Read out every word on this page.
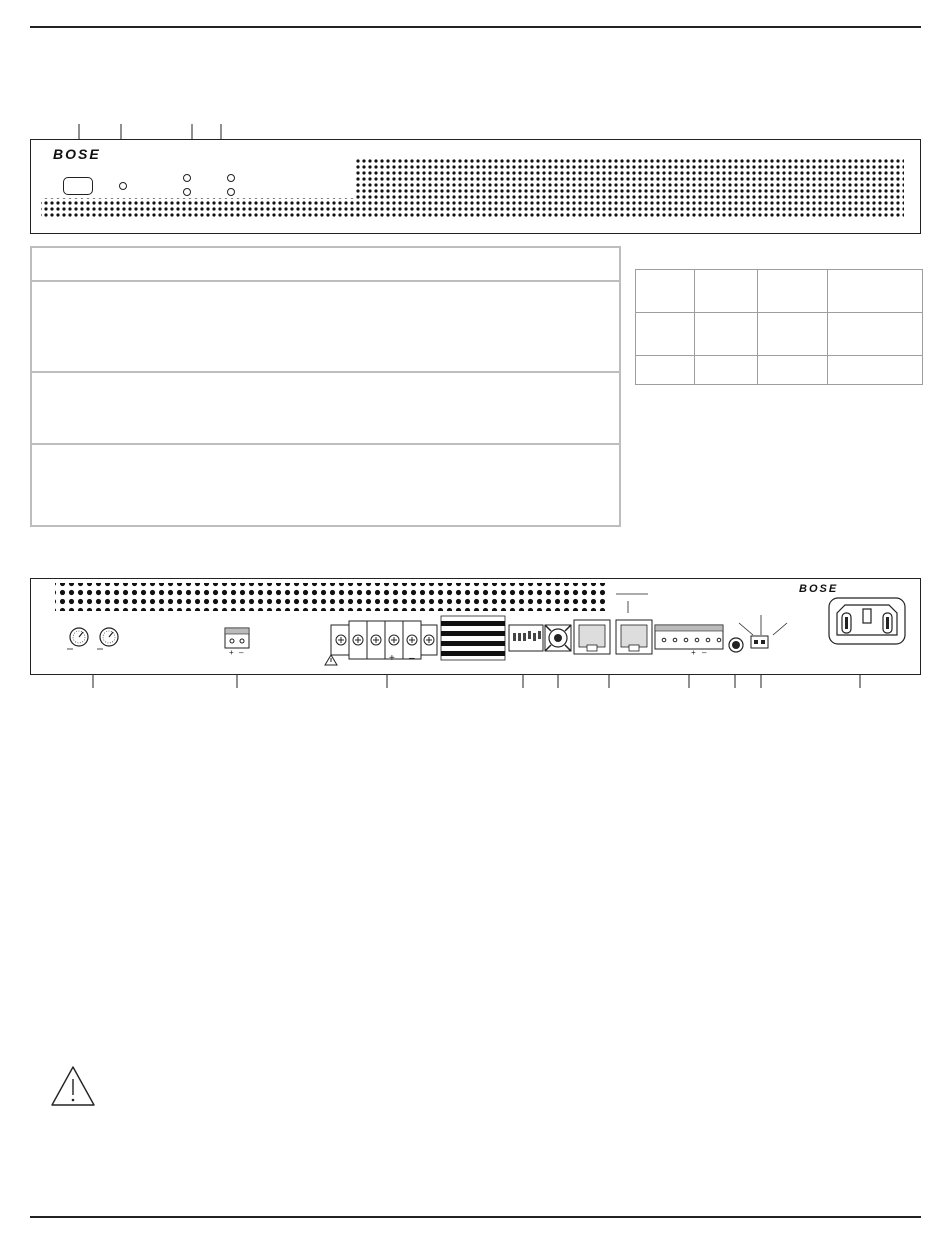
BOSE

BOSE
+ –
+ –	+ –
